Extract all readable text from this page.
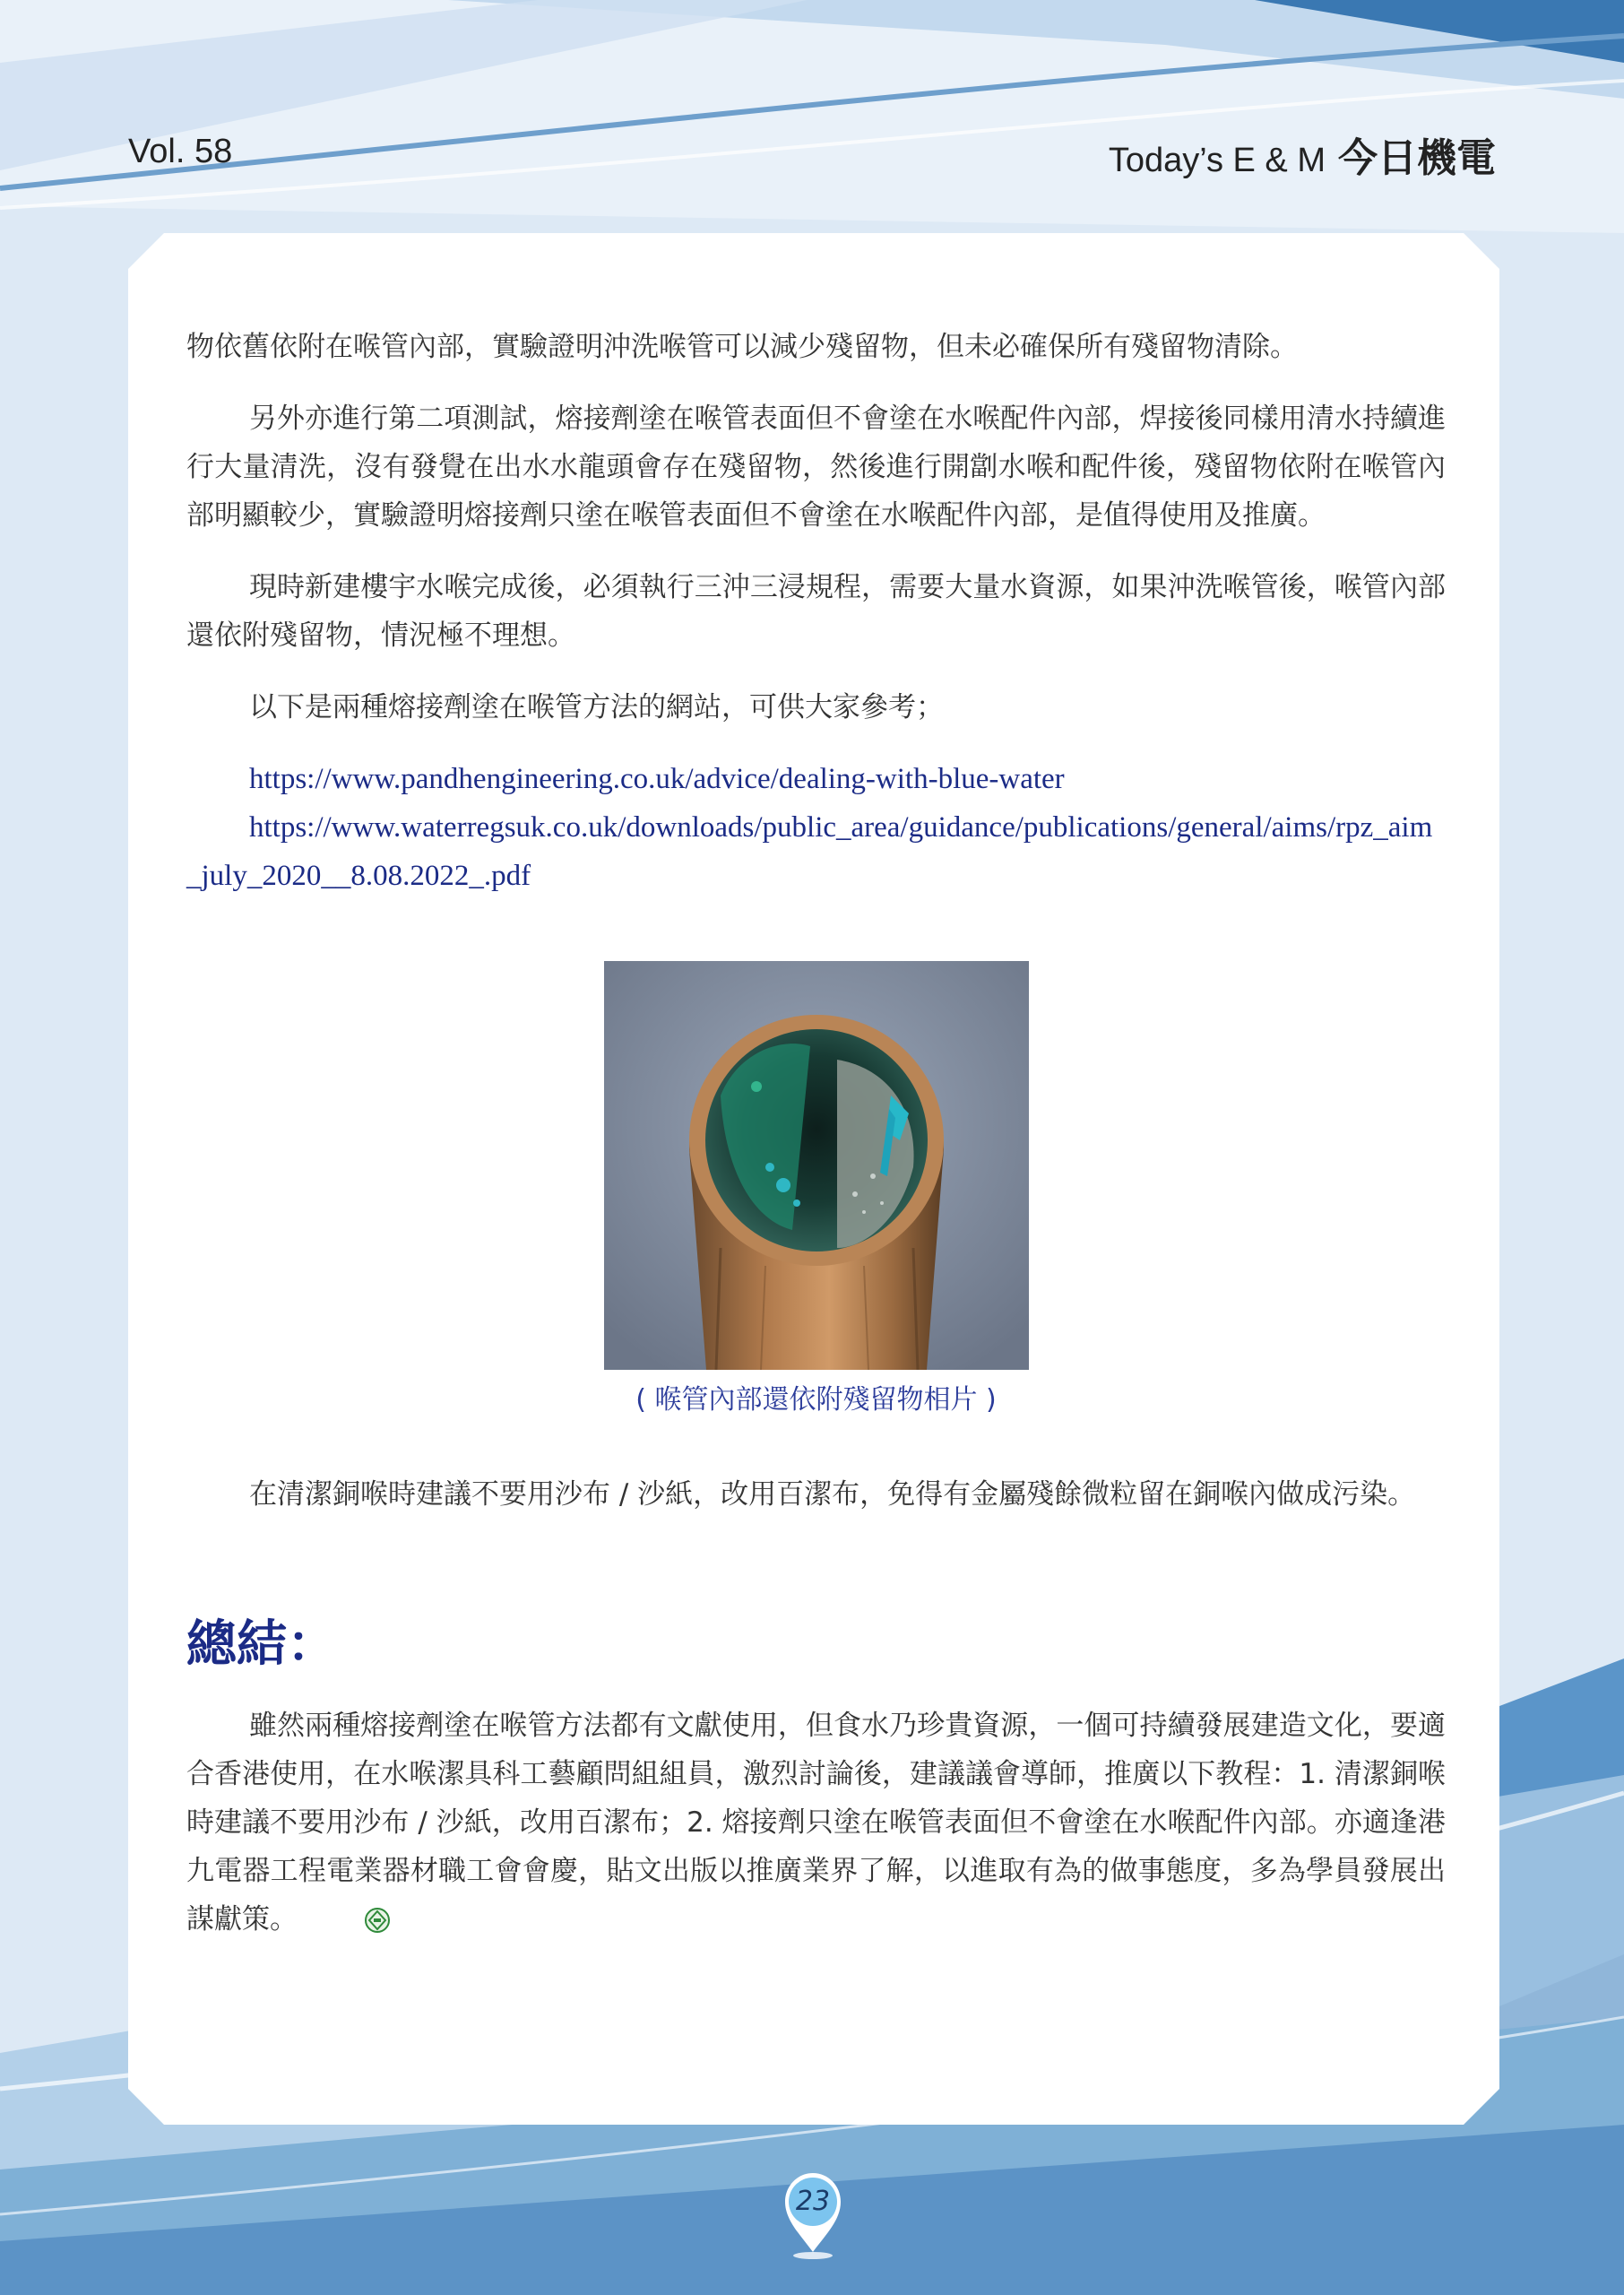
Vol. 58	Today’s E & M 今日機電

物依舊依附在喉管內部，實驗證明沖洗喉管可以減少殘留物，但未必確保所有殘留物清除。

另外亦進行第二項測試，熔接劑塗在喉管表面但不會塗在水喉配件內部，焊接後同樣用清水持續進行大量清洗，沒有發覺在出水水龍頭會存在殘留物，然後進行開劏水喉和配件後，殘留物依附在喉管內部明顯較少，實驗證明熔接劑只塗在喉管表面但不會塗在水喉配件內部，是值得使用及推廣。

現時新建樓宇水喉完成後，必須執行三沖三浸規程，需要大量水資源，如果沖洗喉管後，喉管內部還依附殘留物，情況極不理想。

以下是兩種熔接劑塗在喉管方法的網站，可供大家參考；

https://www.pandhengineering.co.uk/advice/dealing-with-blue-water
https://www.waterregsuk.co.uk/downloads/public_area/guidance/publications/general/aims/rpz_aim_july_2020__8.08.2022_.pdf
( 喉管內部還依附殘留物相片 )

在清潔銅喉時建議不要用沙布 / 沙紙，改用百潔布，免得有金屬殘餘微粒留在銅喉內做成污染。

總結：

雖然兩種熔接劑塗在喉管方法都有文獻使用，但食水乃珍貴資源，一個可持續發展建造文化，要適合香港使用，在水喉潔具科工藝顧問組組員，激烈討論後，建議議會導師，推廣以下教程：1. 清潔銅喉時建議不要用沙布 / 沙紙，改用百潔布；2. 熔接劑只塗在喉管表面但不會塗在水喉配件內部。亦適逢港九電器工程電業器材職工會會慶，貼文出版以推廣業界了解，以進取有為的做事態度，多為學員發展出謀獻策。

23
